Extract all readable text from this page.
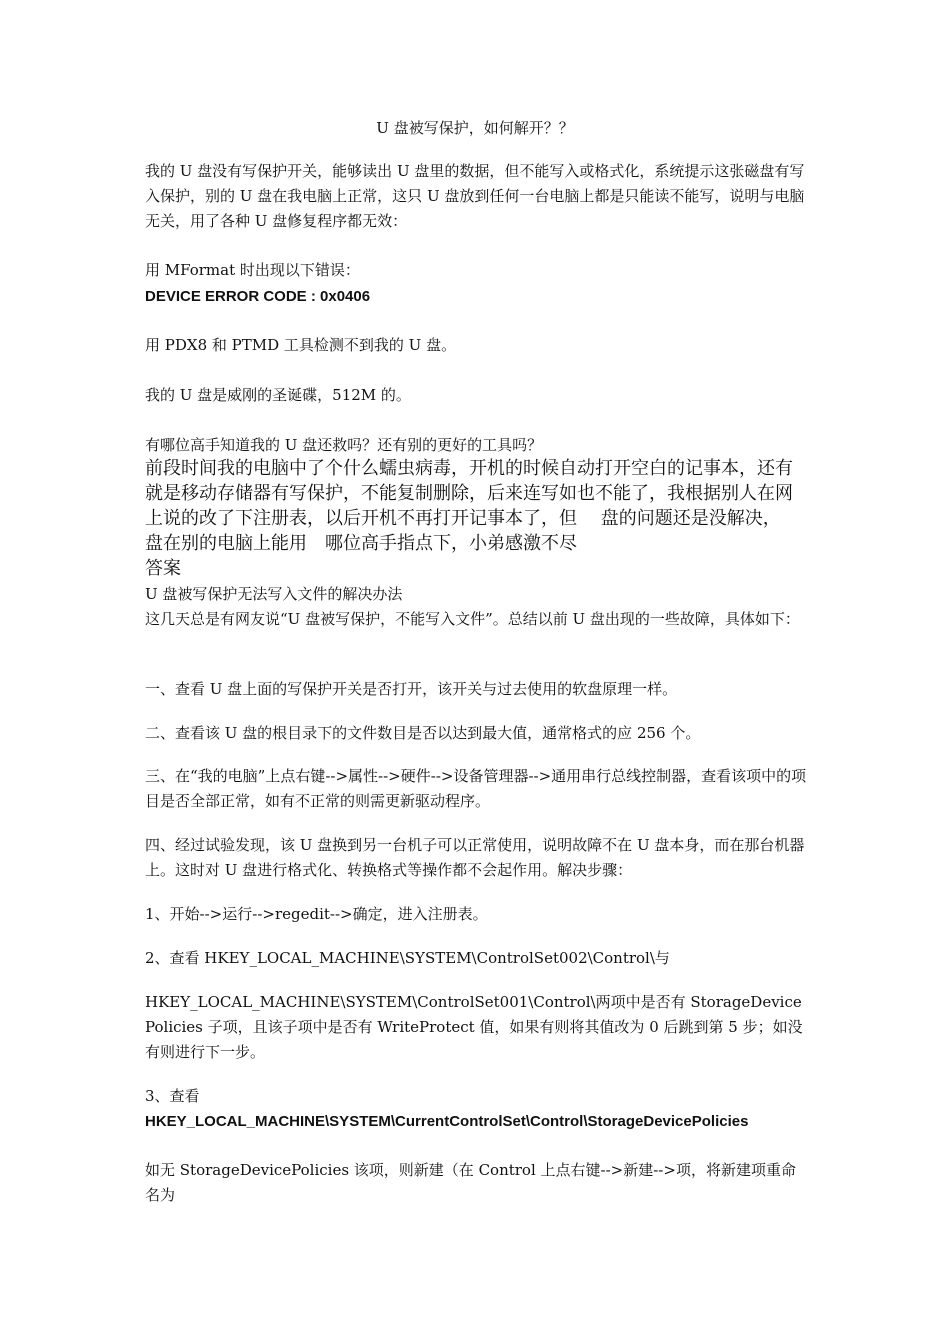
U 盘被写保护，如何解开？？

我的 U 盘没有写保护开关，能够读出 U 盘里的数据，但不能写入或格式化，系统提示这张磁盘有写入保护，别的 U 盘在我电脑上正常，这只 U 盘放到任何一台电脑上都是只能读不能写，说明与电脑无关，用了各种 U 盘修复程序都无效：

用 MFormat 时出现以下错误：

DEVICE ERROR CODE : 0x0406

用 PDX8 和 PTMD 工具检测不到我的 U 盘。

我的 U 盘是威刚的圣诞碟，512M 的。

有哪位高手知道我的 U 盘还救吗？还有别的更好的工具吗？

前段时间我的电脑中了个什么蠕虫病毒，开机的时候自动打开空白的记事本，还有就是移动存储器有写保护，不能复制删除，后来连写如也不能了，我根据别人在网上说的改了下注册表，以后开机不再打开记事本了，但　 盘的问题还是没解决，　 盘在别的电脑上能用　哪位高手指点下，小弟感激不尽

答案

U 盘被写保护无法写入文件的解决办法

这几天总是有网友说“U 盘被写保护，不能写入文件”。总结以前 U 盘出现的一些故障，具体如下：

一、查看 U 盘上面的写保护开关是否打开，该开关与过去使用的软盘原理一样。

二、查看该 U 盘的根目录下的文件数目是否以达到最大值，通常格式的应 256 个。

三、在“我的电脑”上点右键-->属性-->硬件-->设备管理器-->通用串行总线控制器，查看该项中的项目是否全部正常，如有不正常的则需更新驱动程序。

四、经过试验发现，该 U 盘换到另一台机子可以正常使用，说明故障不在 U 盘本身，而在那台机器上。这时对 U 盘进行格式化、转换格式等操作都不会起作用。解决步骤：

1、开始-->运行-->regedit-->确定，进入注册表。

2、查看 HKEY_LOCAL_MACHINE\SYSTEM\ControlSet002\Control\与

HKEY_LOCAL_MACHINE\SYSTEM\ControlSet001\Control\两项中是否有 StorageDevicePolicies 子项，且该子项中是否有 WriteProtect 值，如果有则将其值改为 0 后跳到第 5 步；如没有则进行下一步。

3、查看

HKEY_LOCAL_MACHINE\SYSTEM\CurrentControlSet\Control\StorageDevicePolicies

如无 StorageDevicePolicies 该项，则新建（在 Control 上点右键-->新建-->项，将新建项重命名为
